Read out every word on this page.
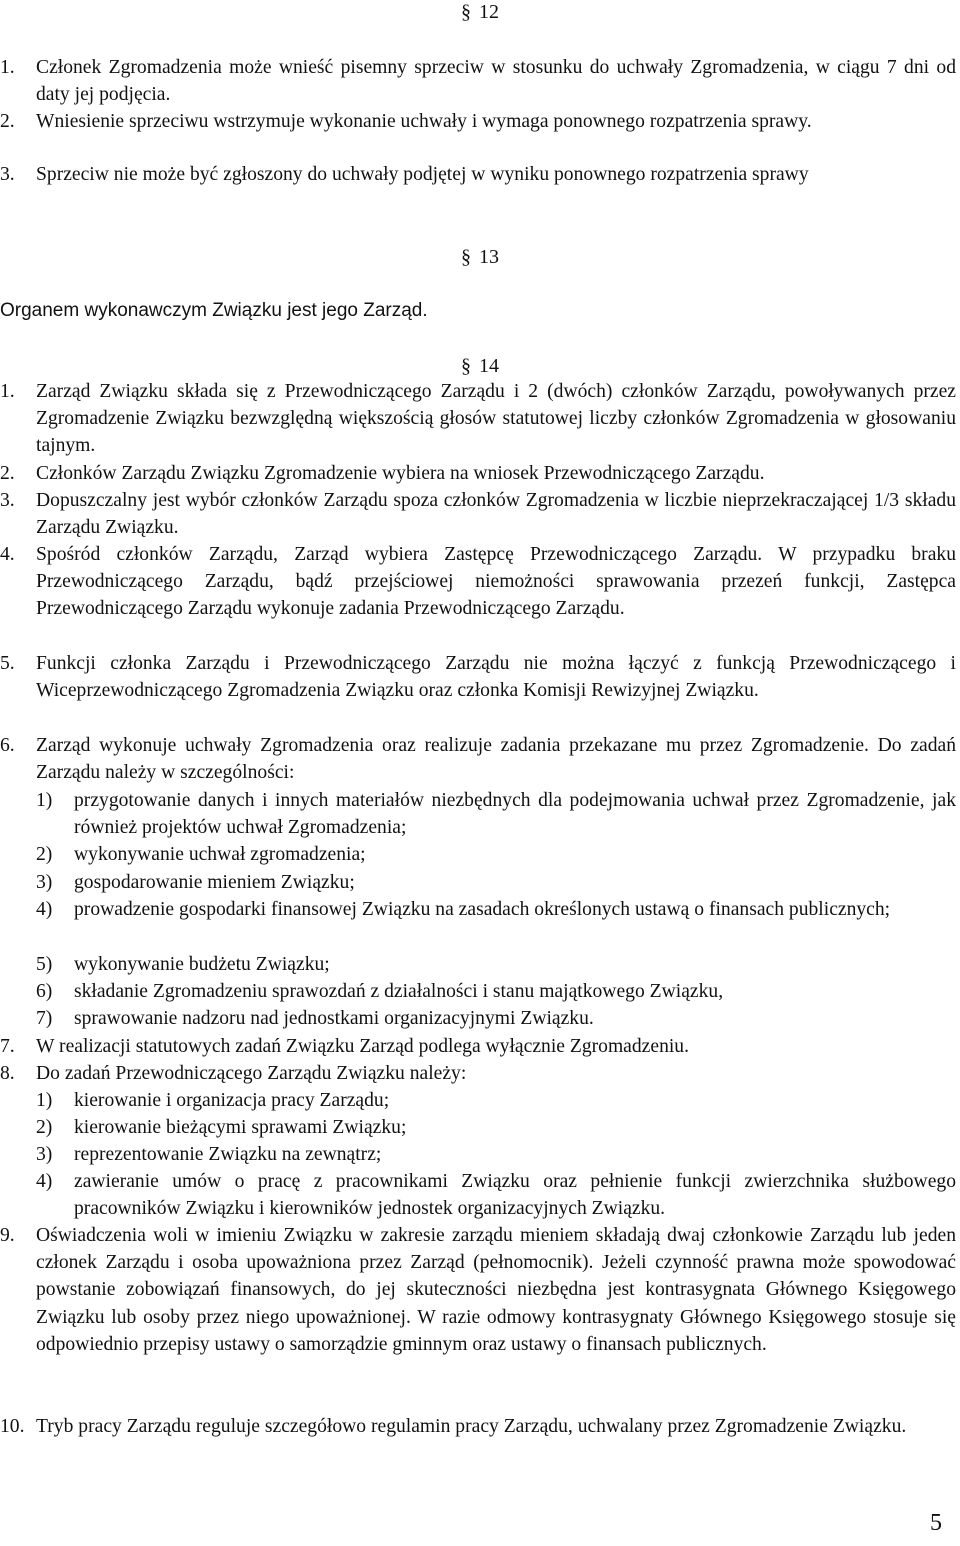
§ 12
1. Członek Zgromadzenia może wnieść pisemny sprzeciw w stosunku do uchwały Zgromadzenia, w ciągu 7 dni od daty jej podjęcia.
2. Wniesienie sprzeciwu wstrzymuje wykonanie uchwały i wymaga ponownego rozpatrzenia sprawy.
3. Sprzeciw nie może być zgłoszony do uchwały podjętej w wyniku ponownego rozpatrzenia sprawy
§ 13
Organem wykonawczym Związku jest jego Zarząd.
§ 14
1. Zarząd Związku składa się z Przewodniczącego Zarządu i 2 (dwóch) członków Zarządu, powoływanych przez Zgromadzenie Związku bezwzględną większością głosów statutowej liczby członków Zgromadzenia w głosowaniu tajnym.
2. Członków Zarządu Związku Zgromadzenie wybiera na wniosek Przewodniczącego Zarządu.
3. Dopuszczalny jest wybór członków Zarządu spoza członków Zgromadzenia w liczbie nieprzekraczającej 1/3 składu Zarządu Związku.
4. Spośród członków Zarządu, Zarząd wybiera Zastępcę Przewodniczącego Zarządu. W przypadku braku Przewodniczącego Zarządu, bądź przejściowej niemożności sprawowania przezeń funkcji, Zastępca Przewodniczącego Zarządu wykonuje zadania Przewodniczącego Zarządu.
5. Funkcji członka Zarządu i Przewodniczącego Zarządu nie można łączyć z funkcją Przewodniczącego i Wiceprzewodniczącego Zgromadzenia Związku oraz członka Komisji Rewizyjnej Związku.
6. Zarząd wykonuje uchwały Zgromadzenia oraz realizuje zadania przekazane mu przez Zgromadzenie. Do zadań Zarządu należy w szczególności:
1) przygotowanie danych i innych materiałów niezbędnych dla podejmowania uchwał przez Zgromadzenie, jak również projektów uchwał Zgromadzenia;
2) wykonywanie uchwał zgromadzenia;
3) gospodarowanie mieniem Związku;
4) prowadzenie gospodarki finansowej Związku na zasadach określonych ustawą o finansach publicznych;
5) wykonywanie budżetu Związku;
6) składanie Zgromadzeniu sprawozdań z działalności i stanu majątkowego Związku,
7) sprawowanie nadzoru nad jednostkami organizacyjnymi Związku.
7. W realizacji statutowych zadań Związku Zarząd podlega wyłącznie Zgromadzeniu.
8. Do zadań Przewodniczącego Zarządu Związku należy:
1) kierowanie i organizacja pracy Zarządu;
2) kierowanie bieżącymi sprawami Związku;
3) reprezentowanie Związku na zewnątrz;
4) zawieranie umów o pracę z pracownikami Związku oraz pełnienie funkcji zwierzchnika służbowego pracowników Związku i kierowników jednostek organizacyjnych Związku.
9. Oświadczenia woli w imieniu Związku w zakresie zarządu mieniem składają dwaj członkowie Zarządu lub jeden członek Zarządu i osoba upoważniona przez Zarząd (pełnomocnik). Jeżeli czynność prawna może spowodować powstanie zobowiązań finansowych, do jej skuteczności niezbędna jest kontrasygnata Głównego Księgowego Związku lub osoby przez niego upoważnionej. W razie odmowy kontrasygnaty Głównego Księgowego stosuje się odpowiednio przepisy ustawy o samorządzie gminnym oraz ustawy o finansach publicznych.
10. Tryb pracy Zarządu reguluje szczegółowo regulamin pracy Zarządu, uchwalany przez Zgromadzenie Związku.
5
